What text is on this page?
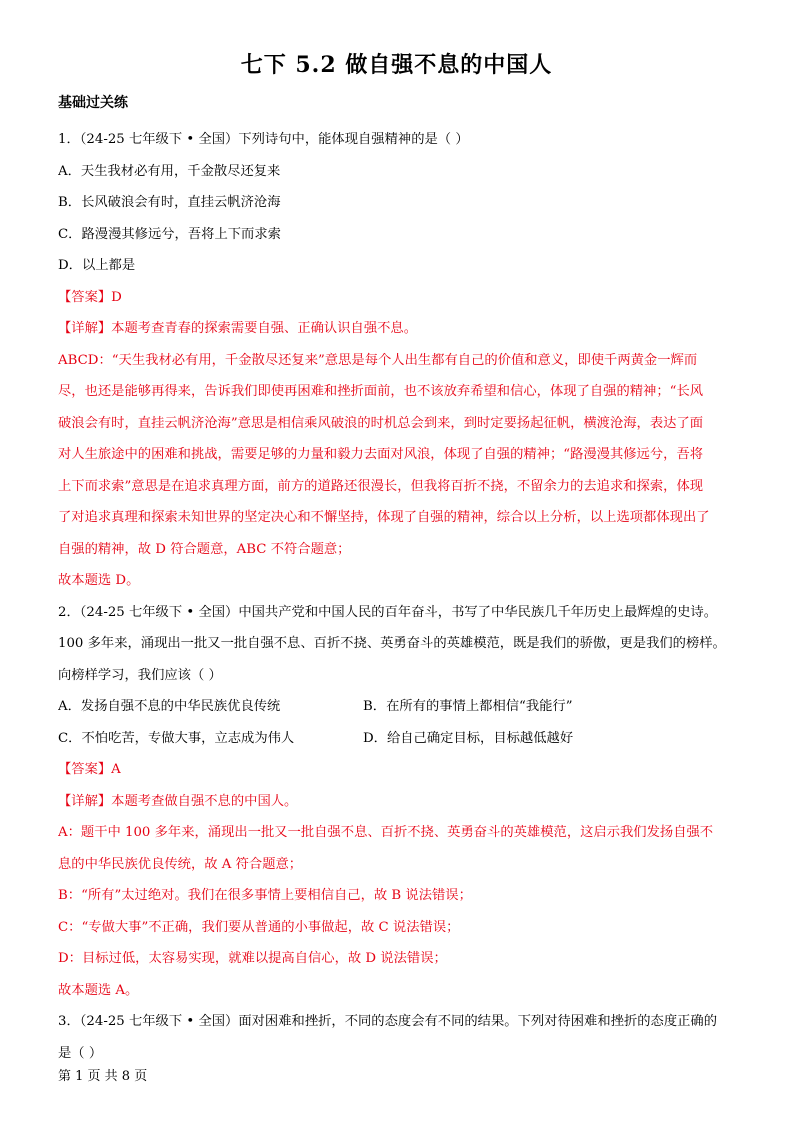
七下 5.2 做自强不息的中国人
基础过关练
1．（24-25 七年级下 • 全国）下列诗句中，能体现自强精神的是（ ）
A．天生我材必有用，千金散尽还复来
B．长风破浪会有时，直挂云帆济沧海
C．路漫漫其修远兮，吾将上下而求索
D．以上都是
【答案】D
【详解】本题考查青春的探索需要自强、正确认识自强不息。
ABCD：“天生我材必有用，千金散尽还复来”意思是每个人出生都有自己的价值和意义，即使千两黄金一辉而
尽，也还是能够再得来，告诉我们即使再困难和挫折面前，也不该放弃希望和信心，体现了自强的精神；“长风
破浪会有时，直挂云帆济沧海”意思是相信乘风破浪的时机总会到来，到时定要扬起征帆，横渡沧海，表达了面
对人生旅途中的困难和挑战，需要足够的力量和毅力去面对风浪，体现了自强的精神；“路漫漫其修远兮，吾将
上下而求索”意思是在追求真理方面，前方的道路还很漫长，但我将百折不挠，不留余力的去追求和探索，体现
了对追求真理和探索未知世界的坚定决心和不懈坚持，体现了自强的精神，综合以上分析，以上选项都体现出了
自强的精神，故 D 符合题意，ABC 不符合题意；
故本题选 D。
2．（24-25 七年级下 • 全国）中国共产党和中国人民的百年奋斗，书写了中华民族几千年历史上最辉煌的史诗。
100 多年来，涌现出一批又一批自强不息、百折不挠、英勇奋斗的英雄模范，既是我们的骄傲，更是我们的榜样。
向榜样学习，我们应该（ ）
A．发扬自强不息的中华民族优良传统	B．在所有的事情上都相信“我能行”
C．不怕吃苦，专做大事，立志成为伟人	D．给自己确定目标，目标越低越好
【答案】A
【详解】本题考查做自强不息的中国人。
A：题干中 100 多年来，涌现出一批又一批自强不息、百折不挠、英勇奋斗的英雄模范，这启示我们发扬自强不
息的中华民族优良传统，故 A 符合题意；
B：“所有”太过绝对。我们在很多事情上要相信自己，故 B 说法错误；
C：“专做大事”不正确，我们要从普通的小事做起，故 C 说法错误；
D：目标过低，太容易实现，就难以提高自信心，故 D 说法错误；
故本题选 A。
3．（24-25 七年级下 • 全国）面对困难和挫折，不同的态度会有不同的结果。下列对待困难和挫折的态度正确的
是（ ）
第 1 页 共 8 页
